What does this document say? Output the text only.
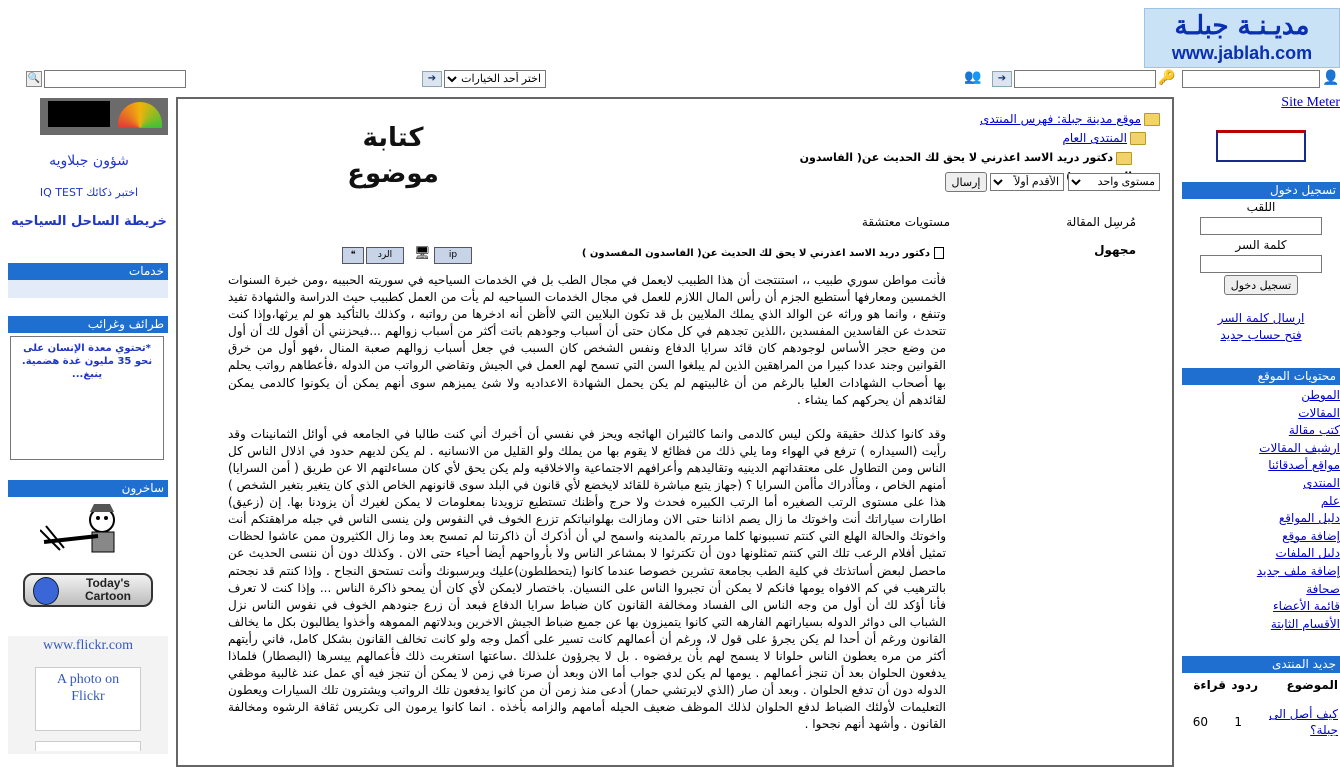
مديـنـة جبلـة
www.jablah.com
👤
🔑
➔
👥
اختر أحد الخيارات
➔
🔍
شؤون جبلاويه
اختبر ذكائك IQ TEST
خريطة الساحل السياحيه
خدمات
طرائف وغرائب
*تحتوي معدة الإنسان على نحو 35 مليون غدة هضمية. ينبغ...
ساخرون
Today's
Cartoon
www.flickr.com
A photo on Flickr
موقع مدينة جبلة: فهرس المنتدى
المنتدى العام
دكتور دريد الاسد اعذرني لا يحق لك الحديث عن( الفاسدون
كتابة موضوع
مستوى واحد
الأقدم أولاً	إرسال
مُرسِل المقالة
مستويات معتشقة
مجهول
دكتور دريد الاسد اعذرني لا يحق لك الحديث عن( الفاسدون المفسدون )
ip
🖥
الرد
❝

فأنت مواطن سوري طبيب ،، استنتجت أن هذا الطبيب لايعمل في مجال الطب بل في الخدمات السياحيه في سوريته الحبيبه ،ومن خبرة السنوات الخمسين ومعارفها أستطيع الجزم أن رأس المال اللازم للعمل في مجال الخدمات السياحيه لم يأت من العمل كطبيب حيث الدراسة والشهادة تفيد وتنفع ، وانما هو وراثه عن الوالد الذي يملك الملايين بل قد تكون البلايين التي لاأظن أنه ادخرها من رواتبه ، وكذلك بالتأكيد هو لم يرثها،وإذا كنت تتحدث عن الفاسدين المفسدين ،اللذين تجدهم في كل مكان حتى أن أسباب وجودهم باتت أكثر من أسباب زوالهم ...فيحزنني أن أقول لك أن أول من وضع حجر الأساس لوجودهم كان قائد سرايا الدفاع ونفس الشخص كان السبب في جعل أسباب زوالهم صعبة المنال ،فهو أول من خرق القوانين وجند عددا كبيرا من المراهقين الذين لم يبلغوا السن التي تسمح لهم العمل في الجيش وتقاضي الرواتب من الدوله ،فأعطاهم رواتب يحلم بها أصحاب الشهادات العليا بالرغم من أن غالبيتهم لم يكن يحمل الشهادة الاعداديه ولا شئ يميزهم سوى أنهم يمكن أن يكونوا كالدمى يمكن لقائدهم أن يحركهم كما يشاء .

وقد كانوا كذلك حقيقة ولكن ليس كالدمى وانما كالثيران الهائجه ويحز في نفسي أن أخبرك أني كنت طالبا في الجامعه في أوائل الثمانينات وقد رأيت (السيداره ) ترفع في الهواء وما يلي ذلك من فظائع لا يقوم بها من يملك ولو القليل من الانسانيه . لم يكن لديهم حدود في اذلال الناس كل الناس ومن التطاول على معتقداتهم الدينيه وتقاليدهم وأعرافهم الاجتماعية والاخلاقيه ولم يكن يحق لأي كان مساءلتهم الا عن طريق ( أمن السرايا) أمنهم الخاص ، ومأأدراك مأأمن السرايا ؟ (جهاز يتبع مباشرة للقائد لايخضع لأي قانون في البلد سوى قانونهم الخاص الذي كان يتغير بتغير الشخص ) هذا على مستوى الرتب الصغيره أما الرتب الكبيره فحدث ولا حرج وأظنك تستطيع تزويدنا بمعلومات لا يمكن لغيرك أن يزودنا بها. إن (زعيق) اطارات سياراتك أنت واخوتك ما زال يصم اذاننا حتى الان ومازالت بهلوانياتكم تزرع الخوف في النفوس ولن ينسى الناس في جبله مراهقتكم أنت واخوتك والحالة الهلع التي كنتم تسببونها كلما مررتم بالمدينه واسمح لي أن أذكرك أن ذاكرتنا لم تمسح بعد وما زال الكثيرون ممن عاشوا لحظات تمثيل أفلام الرعب تلك التي كنتم تمثلونها دون أن تكترثوا لا بمشاعر الناس ولا بأرواحهم أيضا أحياء حتى الان . وكذلك دون أن ننسى الحديث عن ماحصل لبعض أساتذتك في كلية الطب بجامعة تشرين خصوصا عندما كانوا (يتحطلطون)عليك ويرسبونك وأنت تستحق النجاح . وإذا كنتم قد نجحتم بالترهيب في كم الافواه يومها فانكم لا يمكن أن تجبروا الناس على النسيان. باختصار لايمكن لأي كان أن يمحو ذاكرة الناس ... وإذا كنت لا تعرف فأنا أؤكد لك أن أول من وجه الناس الى الفساد ومخالفة القانون كان ضباط سرايا الدفاع فبعد أن زرع جنودهم الخوف في نفوس الناس نزل الشباب الى دوائر الدوله بسياراتهم الفارهه التي كانوا يتميزون بها عن جميع ضباط الجيش الاخرين وبدلاتهم المموهه وأخذوا يطالبون بكل ما يخالف القانون ورغم أن أحدا لم يكن يجرؤ على قول لا، ورغم أن أعمالهم كانت تسير على أكمل وجه ولو كانت تخالف القانون بشكل كامل، فاني رأيتهم أكثر من مره يعطون الناس حلوانا لا يسمح لهم بأن يرفضوه . بل لا يجرؤون علىذلك .ساعتها استغربت ذلك فأعمالهم ييسرها (البصطار) فلماذا يدفعون الحلوان بعد أن تنجز أعمالهم . يومها لم يكن لدي جواب أما الان وبعد أن صرنا في زمن لا يمكن أن تنجز فيه أي عمل عند غالبية موظفي الدوله دون أن تدفع الحلوان . وبعد أن صار (الذي لايرتشي حمار) أدعى منذ زمن أن من كانوا يدفعون تلك الرواتب ويشترون تلك السيارات ويعطون التعليمات لأولئك الضباط لدفع الحلوان لذلك الموظف ضعيف الحيله أمامهم والزامه بأخذه . انما كانوا يرمون الى تكريس ثقافة الرشوه ومخالفة القانون . وأشهد أنهم نجحوا .

Site Meter
تسجيل دخول
اللقب
كلمة السر
تسجيل دخول
ارسال كلمة السر
فتح حساب جديد
محتويات الموقع
الموطن
المقالات
كتب مقالة
ارشيف المقالات
مواقع أصدقائنا
المنتدى
علم
دليل المواقع
إضافة موقع
دليل الملفات
إضافة ملف جديد
صحافة
قائمة الأعضاء
الأقسام الثابتة
جديد المنتدى
الموضوع
ردود
قراءة
كيف أصل الى جبلة؟
1
60
